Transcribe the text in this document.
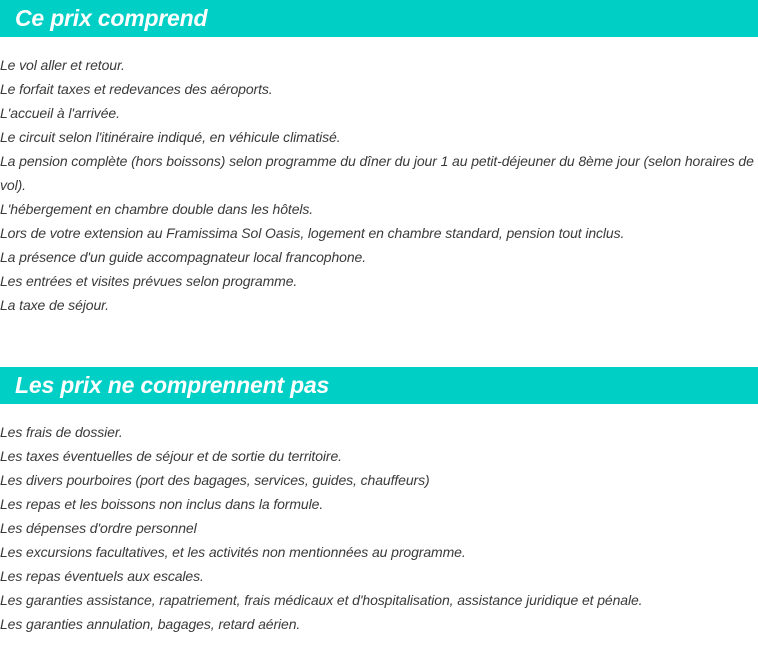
Ce prix comprend
Le vol aller et retour.
Le forfait taxes et redevances des aéroports.
L'accueil à l'arrivée.
Le circuit selon l'itinéraire indiqué, en véhicule climatisé.
La pension complète (hors boissons) selon programme du dîner du jour 1 au petit-déjeuner du 8ème jour (selon horaires de vol).
L'hébergement en chambre double dans les hôtels.
Lors de votre extension au Framissima Sol Oasis, logement en chambre standard, pension tout inclus.
La présence d'un guide accompagnateur local francophone.
Les entrées et visites prévues selon programme.
La taxe de séjour.
Les prix ne comprennent pas
Les frais de dossier.
Les taxes éventuelles de séjour et de sortie du territoire.
Les divers pourboires (port des bagages, services, guides, chauffeurs)
Les repas et les boissons non inclus dans la formule.
Les dépenses d'ordre personnel
Les excursions facultatives, et les activités non mentionnées au programme.
Les repas éventuels aux escales.
Les garanties assistance, rapatriement, frais médicaux et d'hospitalisation, assistance juridique et pénale.
Les garanties annulation, bagages, retard aérien.
